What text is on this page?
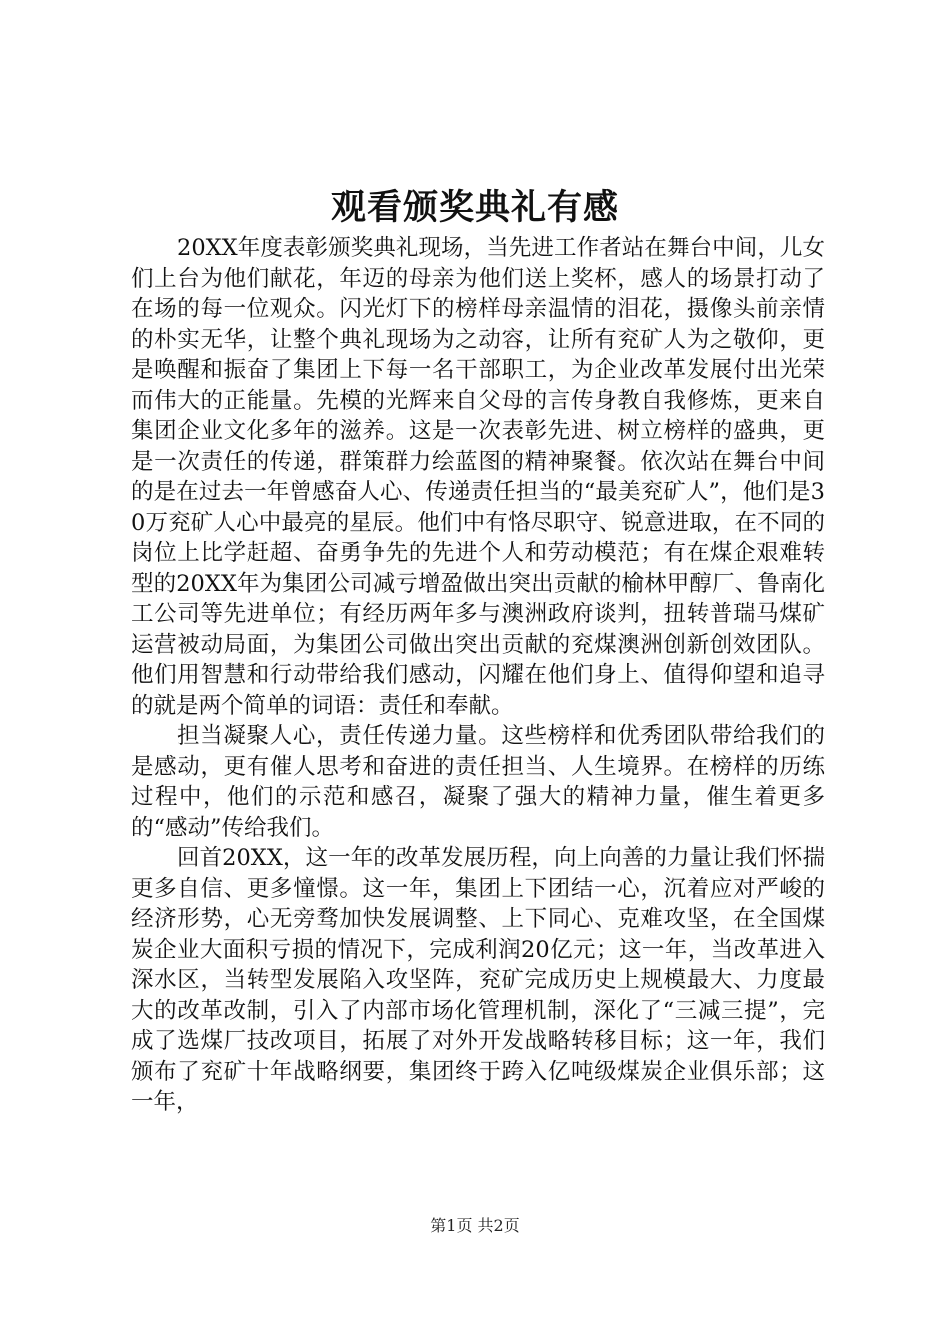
观看颁奖典礼有感

20XX年度表彰颁奖典礼现场，当先进工作者站在舞台中间，儿女们上台为他们献花，年迈的母亲为他们送上奖杯，感人的场景打动了在场的每一位观众。闪光灯下的榜样母亲温情的泪花，摄像头前亲情的朴实无华，让整个典礼现场为之动容，让所有兖矿人为之敬仰，更是唤醒和振奋了集团上下每一名干部职工，为企业改革发展付出光荣而伟大的正能量。先模的光辉来自父母的言传身教自我修炼，更来自集团企业文化多年的滋养。这是一次表彰先进、树立榜样的盛典，更是一次责任的传递，群策群力绘蓝图的精神聚餐。依次站在舞台中间的是在过去一年曾感奋人心、传递责任担当的“最美兖矿人”，他们是30万兖矿人心中最亮的星辰。他们中有恪尽职守、锐意进取，在不同的岗位上比学赶超、奋勇争先的先进个人和劳动模范；有在煤企艰难转型的20XX年为集团公司减亏增盈做出突出贡献的榆林甲醇厂、鲁南化工公司等先进单位；有经历两年多与澳洲政府谈判，扭转普瑞马煤矿运营被动局面，为集团公司做出突出贡献的兖煤澳洲创新创效团队。他们用智慧和行动带给我们感动，闪耀在他们身上、值得仰望和追寻的就是两个简单的词语：责任和奉献。

担当凝聚人心，责任传递力量。这些榜样和优秀团队带给我们的是感动，更有催人思考和奋进的责任担当、人生境界。在榜样的历练过程中，他们的示范和感召，凝聚了强大的精神力量，催生着更多的“感动”传给我们。

回首20XX，这一年的改革发展历程，向上向善的力量让我们怀揣更多自信、更多憧憬。这一年，集团上下团结一心，沉着应对严峻的经济形势，心无旁骛加快发展调整、上下同心、克难攻坚，在全国煤炭企业大面积亏损的情况下，完成利润20亿元；这一年，当改革进入深水区，当转型发展陷入攻坚阵，兖矿完成历史上规模最大、力度最大的改革改制，引入了内部市场化管理机制，深化了“三减三提”，完成了选煤厂技改项目，拓展了对外开发战略转移目标；这一年，我们颁布了兖矿十年战略纲要，集团终于跨入亿吨级煤炭企业俱乐部；这一年，

第1页 共2页
